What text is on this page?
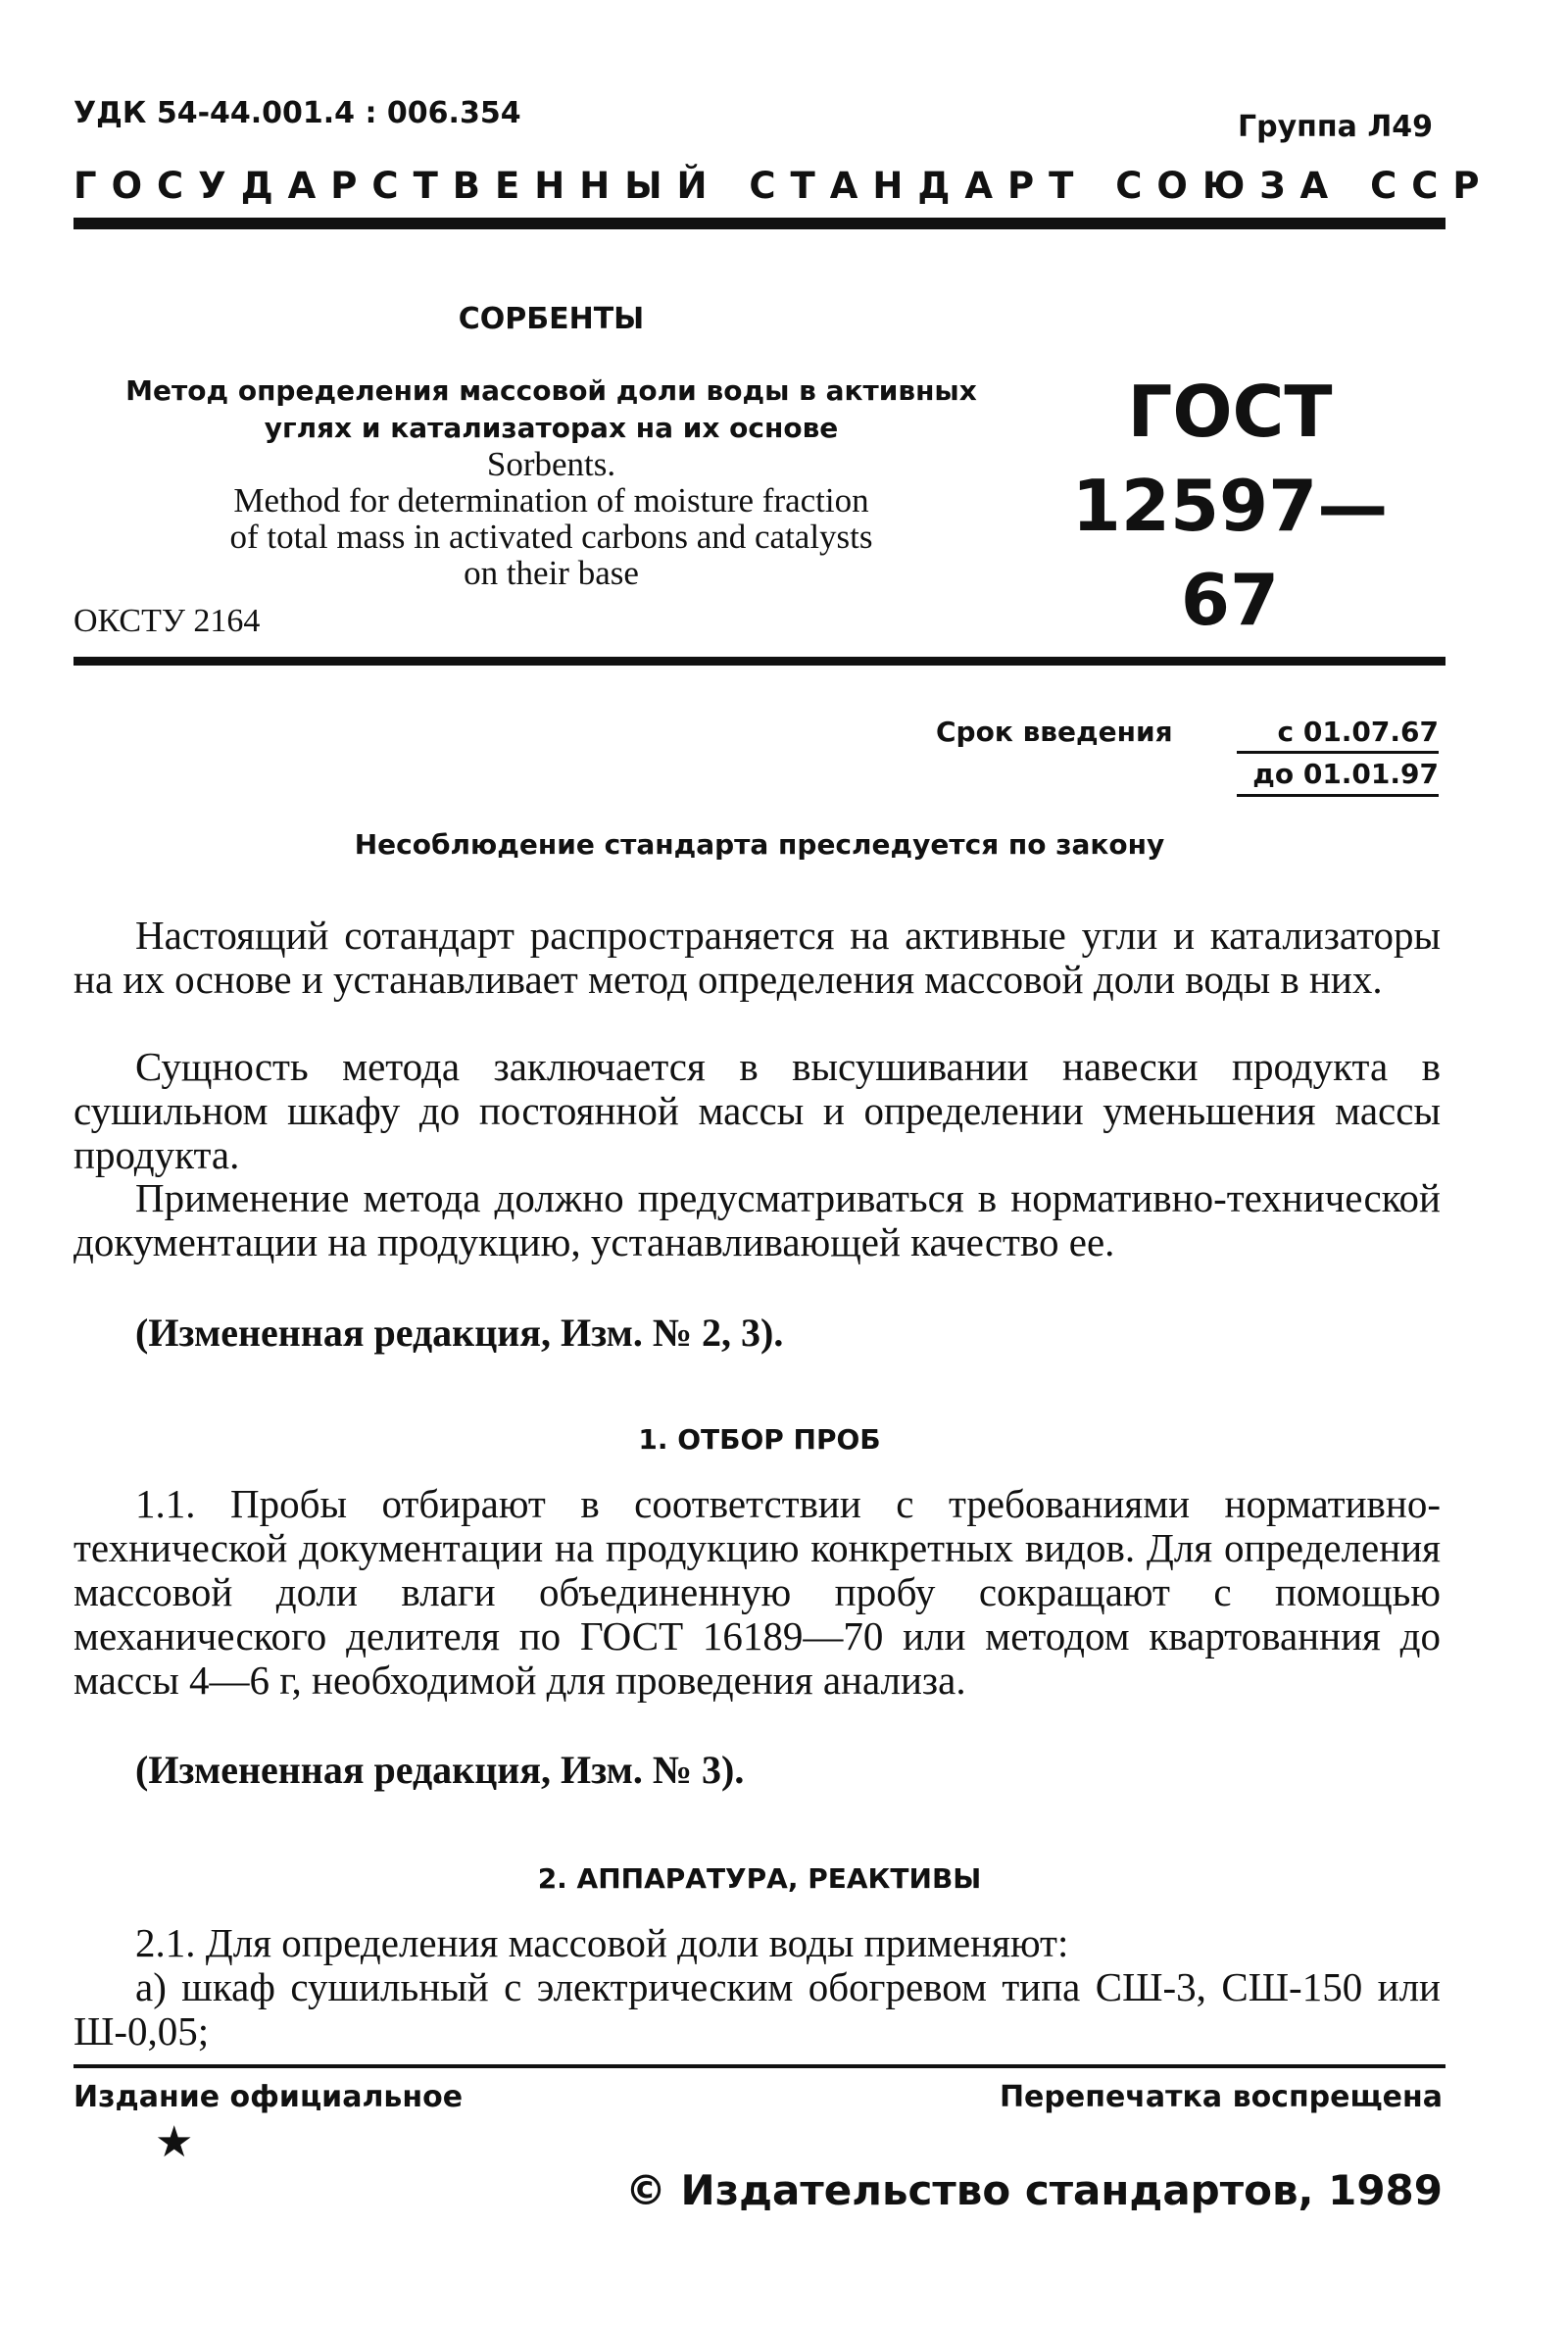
УДК 54-44.001.4 : 006.354	Группа Л49
ГОСУДАРСТВЕННЫЙ СТАНДАРТ СОЮЗА ССР
СОРБЕНТЫ
Метод определения массовой доли воды в активных
углях и катализаторах на их основе
Sorbents.
Method for determination of moisture fraction
of total mass in activated carbons and catalysts
on their base
ГОСТ
12597—67
ОКСТУ 2164
Срок введения	с 01.07.67
до 01.01.97
Несоблюдение стандарта преследуется по закону

Настоящий сотандарт распространяется на активные угли и катализаторы на их основе и устанавливает метод определения массовой доли воды в них.

Сущность метода заключается в высушивании навески продукта в сушильном шкафу до постоянной массы и определении уменьшения массы продукта.

Применение метода должно предусматриваться в нормативно-технической документации на продукцию, устанавливающей качество ее.

(Измененная редакция, Изм. № 2, 3).
1. ОТБОР ПРОБ

1.1. Пробы отбирают в соответствии с требованиями нормативно-технической документации на продукцию конкретных видов. Для определения массовой доли влаги объединенную пробу сокращают с помощью механического делителя по ГОСТ 16189—70 или методом квартованния до массы 4—6 г, необходимой для проведения анализа.

(Измененная редакция, Изм. № 3).
2. АППАРАТУРА, РЕАКТИВЫ

2.1. Для определения массовой доли воды применяют:

а) шкаф сушильный с электрическим обогревом типа СШ-3, СШ-150 или Ш-0,05;

Издание официальное	Перепечатка воспрещена
★
© Издательство стандартов, 1989
